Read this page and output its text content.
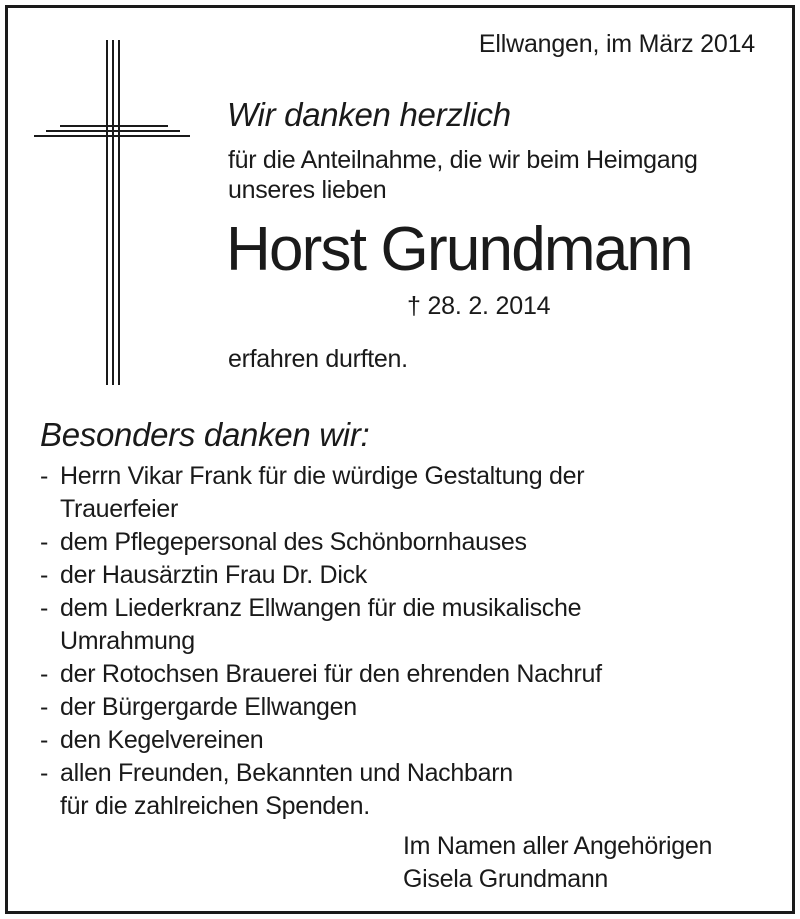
Ellwangen, im März 2014

Wir danken herzlich

für die Anteilnahme, die wir beim Heimgang

unseres lieben

Horst Grundmann

† 28. 2. 2014

erfahren durften.

Besonders danken wir:

- Herrn Vikar Frank für die würdige Gestaltung der
Trauerfeier
- dem Pflegepersonal des Schönbornhauses
- der Hausärztin Frau Dr. Dick
- dem Liederkranz Ellwangen für die musikalische
Umrahmung
- der Rotochsen Brauerei für den ehrenden Nachruf
- der Bürgergarde Ellwangen
- den Kegelvereinen
- allen Freunden, Bekannten und Nachbarn
für die zahlreichen Spenden.

Im Namen aller Angehörigen

Gisela Grundmann
